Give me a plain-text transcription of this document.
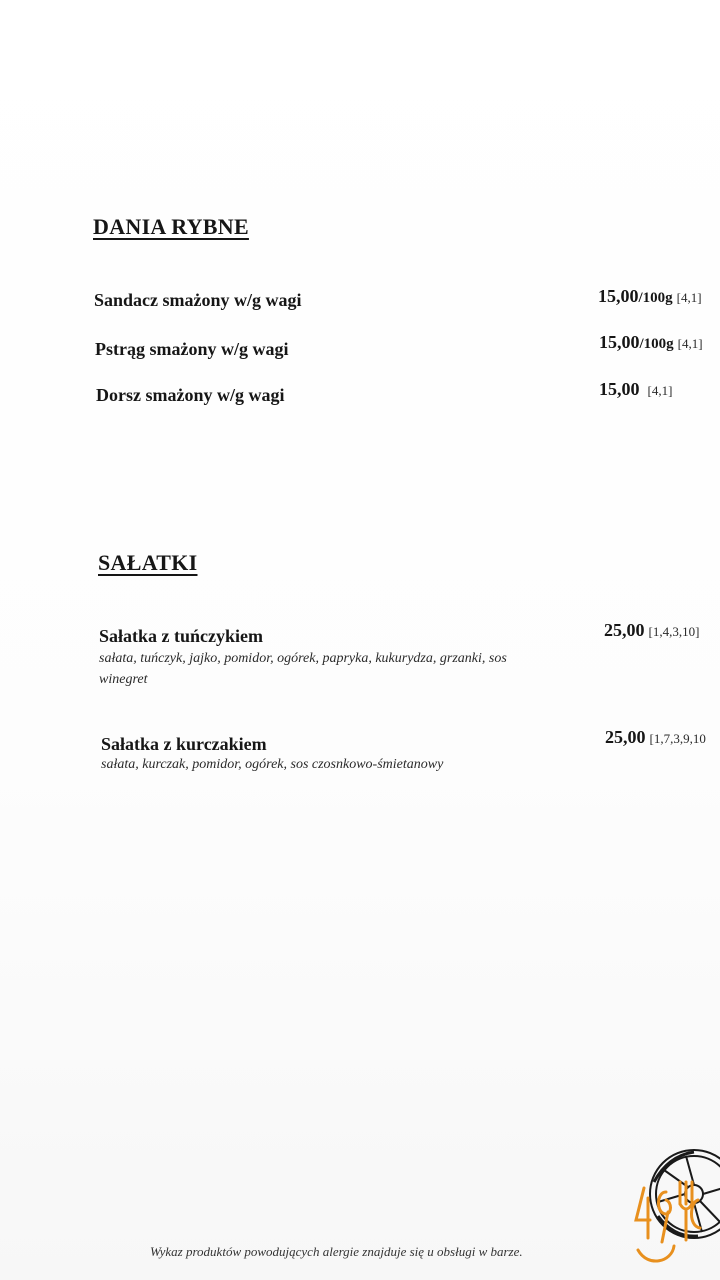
DANIA RYBNE
Sandacz smażony w/g wagi	15,00/100g [4,1]
Pstrąg smażony w/g wagi	15,00/100g [4,1]
Dorsz smażony w/g wagi	15,00 [4,1]
SAŁATKI
Sałatka z tuńczykiem
sałata, tuńczyk, jajko, pomidor, ogórek, papryka, kukurydza, grzanki, sos winegret
25,00 [1,4,3,10]
Sałatka z kurczakiem
sałata, kurczak, pomidor, ogórek, sos czosnkowo-śmietanowy
25,00 [1,7,3,9,10
Wykaz produktów powodujących alergie znajduje się u obsługi w barze.
